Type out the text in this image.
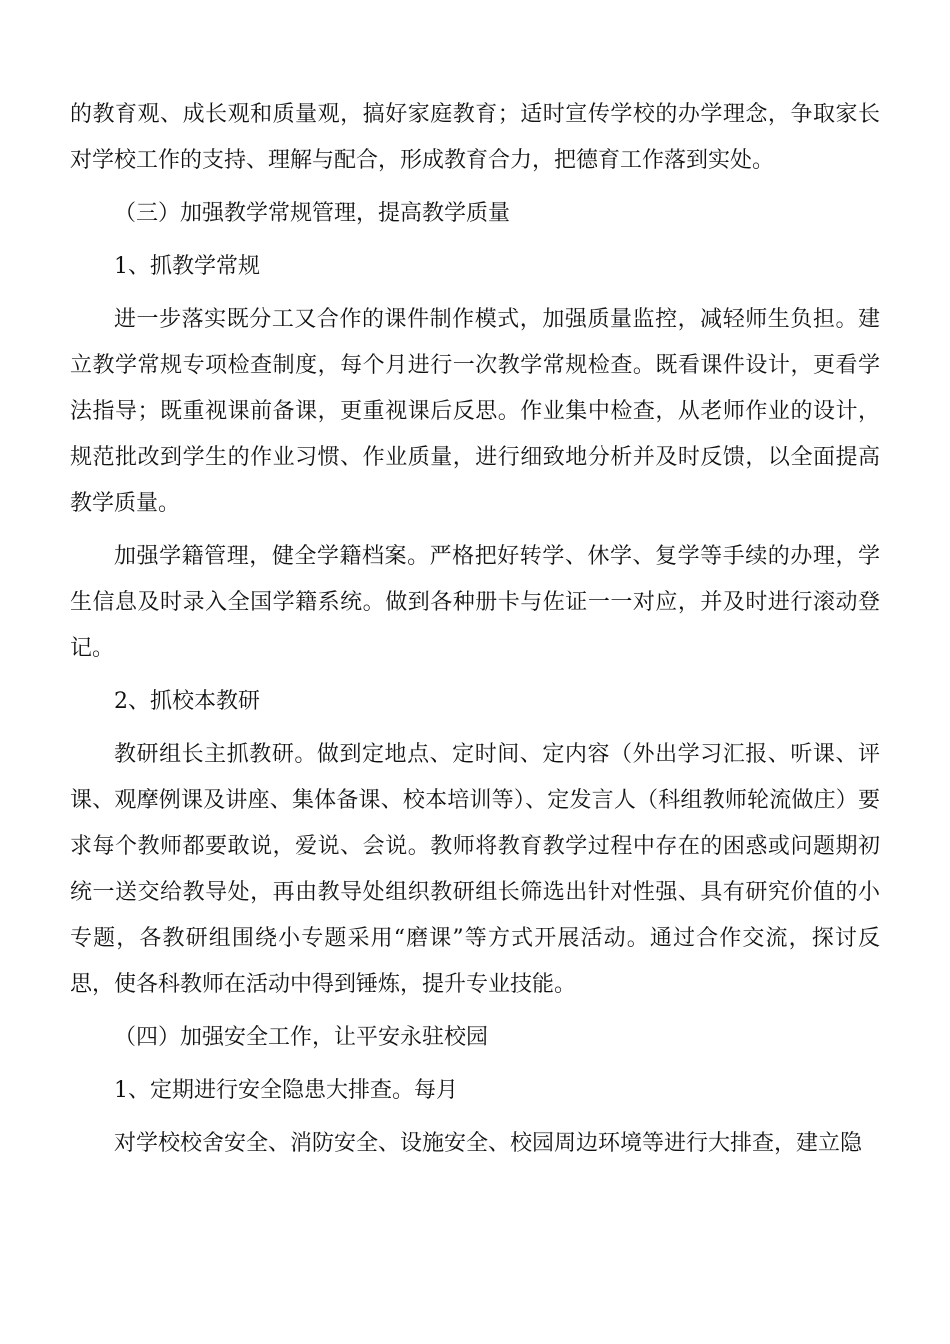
的教育观、成长观和质量观，搞好家庭教育；适时宣传学校的办学理念，争取家长对学校工作的支持、理解与配合，形成教育合力，把德育工作落到实处。

（三）加强教学常规管理，提高教学质量

1、抓教学常规

进一步落实既分工又合作的课件制作模式，加强质量监控，减轻师生负担。建立教学常规专项检查制度，每个月进行一次教学常规检查。既看课件设计，更看学法指导；既重视课前备课，更重视课后反思。作业集中检查，从老师作业的设计，规范批改到学生的作业习惯、作业质量，进行细致地分析并及时反馈，以全面提高教学质量。

加强学籍管理，健全学籍档案。严格把好转学、休学、复学等手续的办理，学生信息及时录入全国学籍系统。做到各种册卡与佐证一一对应，并及时进行滚动登记。

2、抓校本教研

教研组长主抓教研。做到定地点、定时间、定内容（外出学习汇报、听课、评课、观摩例课及讲座、集体备课、校本培训等）、定发言人（科组教师轮流做庄）要求每个教师都要敢说，爱说、会说。教师将教育教学过程中存在的困惑或问题期初统一送交给教导处，再由教导处组织教研组长筛选出针对性强、具有研究价值的小专题，各教研组围绕小专题采用“磨课”等方式开展活动。通过合作交流，探讨反思，使各科教师在活动中得到锤炼，提升专业技能。

（四）加强安全工作，让平安永驻校园

1、定期进行安全隐患大排查。每月

对学校校舍安全、消防安全、设施安全、校园周边环境等进行大排查，建立隐
